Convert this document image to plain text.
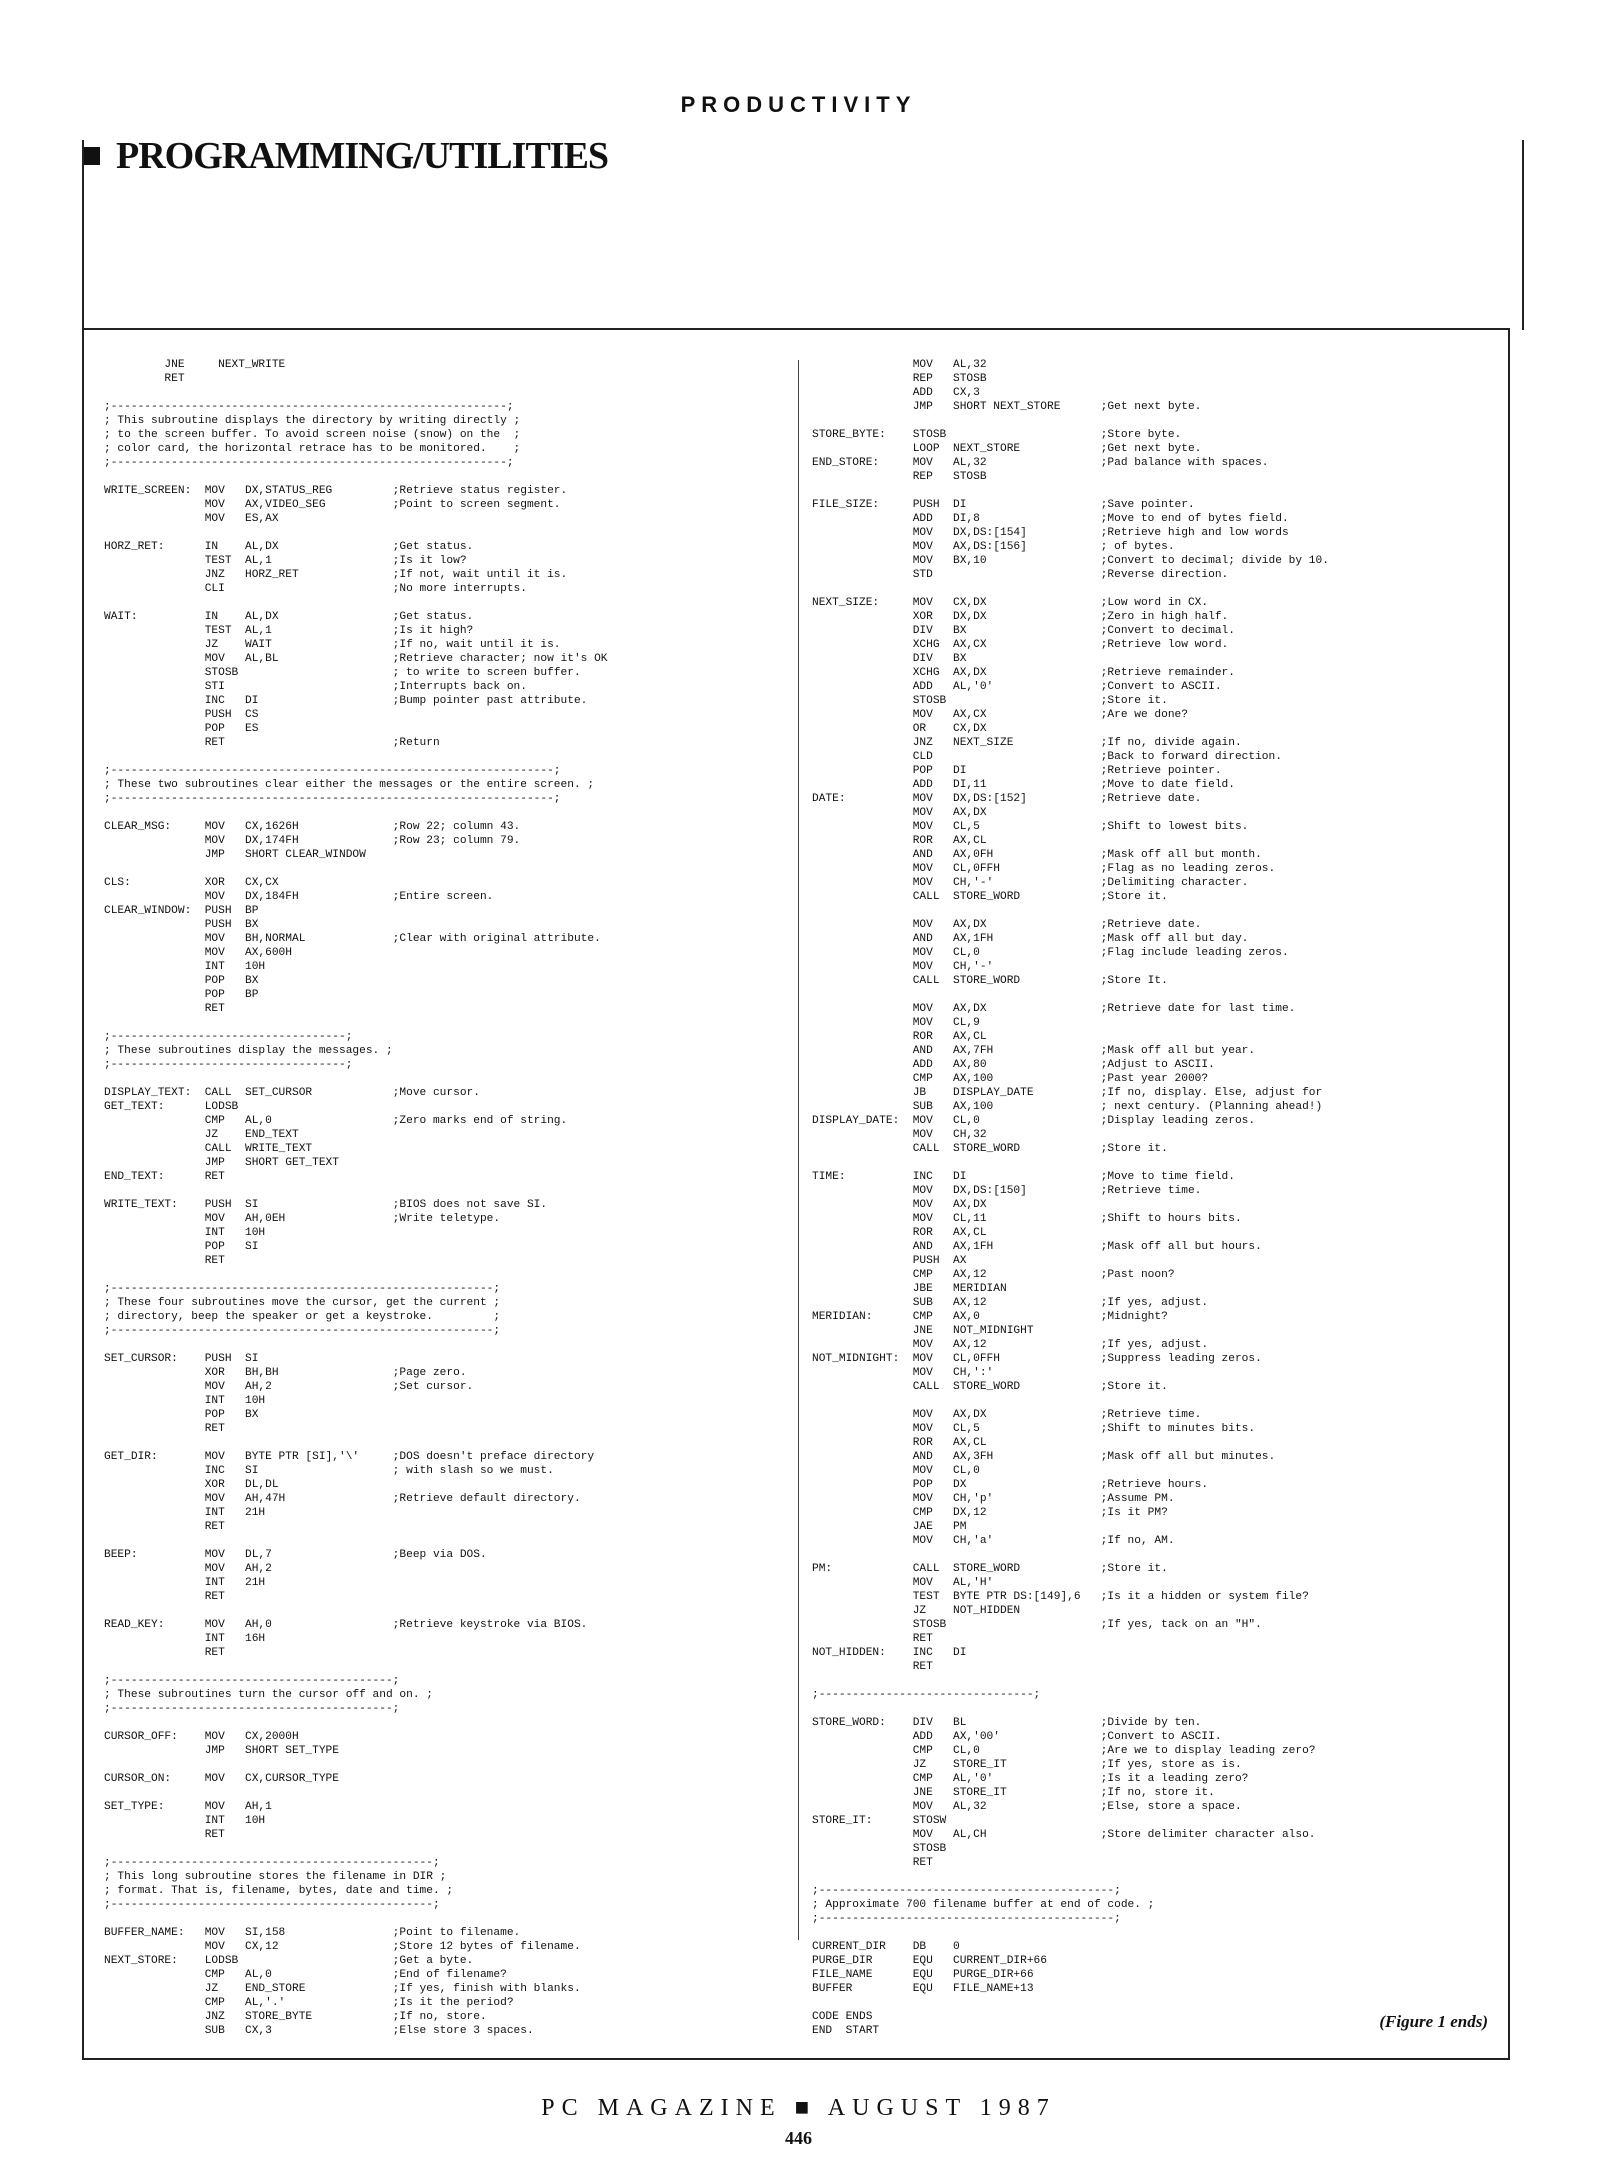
PRODUCTIVITY
PROGRAMMING/UTILITIES
JNE     NEXT_WRITE
RET

;-----------------------------------------------------------;
; This subroutine displays the directory by writing directly ;
; to the screen buffer. To avoid screen noise (snow) on the  ;
; color card, the horizontal retrace has to be monitored.    ;
;-----------------------------------------------------------;

WRITE_SCREEN:  MOV   DX,STATUS_REG         ;Retrieve status register.
MOV   AX,VIDEO_SEG          ;Point to screen segment.
MOV   ES,AX

HORZ_RET:      IN    AL,DX                 ;Get status.
TEST  AL,1                  ;Is it low?
JNZ   HORZ_RET              ;If not, wait until it is.
CLI                         ;No more interrupts.

WAIT:          IN    AL,DX                 ;Get status.
TEST  AL,1                  ;Is it high?
JZ    WAIT                  ;If no, wait until it is.
MOV   AL,BL                 ;Retrieve character; now it's OK
STOSB                       ; to write to screen buffer.
STI                         ;Interrupts back on.
INC   DI                    ;Bump pointer past attribute.
PUSH  CS
POP   ES
RET                         ;Return

;------------------------------------------------------------------;
; These two subroutines clear either the messages or the entire screen. ;
;------------------------------------------------------------------;

CLEAR_MSG:     MOV   CX,1626H              ;Row 22; column 43.
MOV   DX,174FH              ;Row 23; column 79.
JMP   SHORT CLEAR_WINDOW

CLS:           XOR   CX,CX
MOV   DX,184FH              ;Entire screen.
CLEAR_WINDOW:  PUSH  BP
PUSH  BX
MOV   BH,NORMAL             ;Clear with original attribute.
MOV   AX,600H
INT   10H
POP   BX
POP   BP
RET

;-----------------------------------;
; These subroutines display the messages. ;
;-----------------------------------;

DISPLAY_TEXT:  CALL  SET_CURSOR            ;Move cursor.
GET_TEXT:      LODSB
CMP   AL,0                  ;Zero marks end of string.
JZ    END_TEXT
CALL  WRITE_TEXT
JMP   SHORT GET_TEXT
END_TEXT:      RET

WRITE_TEXT:    PUSH  SI                    ;BIOS does not save SI.
MOV   AH,0EH                ;Write teletype.
INT   10H
POP   SI
RET

;---------------------------------------------------------;
; These four subroutines move the cursor, get the current ;
; directory, beep the speaker or get a keystroke.         ;
;---------------------------------------------------------;

SET_CURSOR:    PUSH  SI
XOR   BH,BH                 ;Page zero.
MOV   AH,2                  ;Set cursor.
INT   10H
POP   BX
RET

GET_DIR:       MOV   BYTE PTR [SI],'\'     ;DOS doesn't preface directory
INC   SI                    ; with slash so we must.
XOR   DL,DL
MOV   AH,47H                ;Retrieve default directory.
INT   21H
RET

BEEP:          MOV   DL,7                  ;Beep via DOS.
MOV   AH,2
INT   21H
RET

READ_KEY:      MOV   AH,0                  ;Retrieve keystroke via BIOS.
INT   16H
RET

;------------------------------------------;
; These subroutines turn the cursor off and on. ;
;------------------------------------------;

CURSOR_OFF:    MOV   CX,2000H
JMP   SHORT SET_TYPE

CURSOR_ON:     MOV   CX,CURSOR_TYPE

SET_TYPE:      MOV   AH,1
INT   10H
RET

;------------------------------------------------;
; This long subroutine stores the filename in DIR ;
; format. That is, filename, bytes, date and time. ;
;------------------------------------------------;

BUFFER_NAME:   MOV   SI,158                ;Point to filename.
MOV   CX,12                 ;Store 12 bytes of filename.
NEXT_STORE:    LODSB                       ;Get a byte.
CMP   AL,0                  ;End of filename?
JZ    END_STORE             ;If yes, finish with blanks.
CMP   AL,'.'                ;Is it the period?
JNZ   STORE_BYTE            ;If no, store.
SUB   CX,3                  ;Else store 3 spaces.
MOV   AL,32
REP   STOSB
ADD   CX,3
JMP   SHORT NEXT_STORE      ;Get next byte.

STORE_BYTE:    STOSB                       ;Store byte.
LOOP  NEXT_STORE            ;Get next byte.
END_STORE:     MOV   AL,32                 ;Pad balance with spaces.
REP   STOSB

FILE_SIZE:     PUSH  DI                    ;Save pointer.
ADD   DI,8                  ;Move to end of bytes field.
MOV   DX,DS:[154]           ;Retrieve high and low words
MOV   AX,DS:[156]           ; of bytes.
MOV   BX,10                 ;Convert to decimal; divide by 10.
STD                         ;Reverse direction.

NEXT_SIZE:     MOV   CX,DX                 ;Low word in CX.
XOR   DX,DX                 ;Zero in high half.
DIV   BX                    ;Convert to decimal.
XCHG  AX,CX                 ;Retrieve low word.
DIV   BX
XCHG  AX,DX                 ;Retrieve remainder.
ADD   AL,'0'                ;Convert to ASCII.
STOSB                       ;Store it.
MOV   AX,CX                 ;Are we done?
OR    CX,DX
JNZ   NEXT_SIZE             ;If no, divide again.
CLD                         ;Back to forward direction.
POP   DI                    ;Retrieve pointer.
ADD   DI,11                 ;Move to date field.
DATE:          MOV   DX,DS:[152]           ;Retrieve date.
MOV   AX,DX
MOV   CL,5                  ;Shift to lowest bits.
ROR   AX,CL
AND   AX,0FH                ;Mask off all but month.
MOV   CL,0FFH               ;Flag as no leading zeros.
MOV   CH,'-'                ;Delimiting character.
CALL  STORE_WORD            ;Store it.

MOV   AX,DX                 ;Retrieve date.
AND   AX,1FH                ;Mask off all but day.
MOV   CL,0                  ;Flag include leading zeros.
MOV   CH,'-'
CALL  STORE_WORD            ;Store It.

MOV   AX,DX                 ;Retrieve date for last time.
MOV   CL,9
ROR   AX,CL
AND   AX,7FH                ;Mask off all but year.
ADD   AX,80                 ;Adjust to ASCII.
CMP   AX,100                ;Past year 2000?
JB    DISPLAY_DATE          ;If no, display. Else, adjust for
SUB   AX,100                ; next century. (Planning ahead!)
DISPLAY_DATE:  MOV   CL,0                  ;Display leading zeros.
MOV   CH,32
CALL  STORE_WORD            ;Store it.

TIME:          INC   DI                    ;Move to time field.
MOV   DX,DS:[150]           ;Retrieve time.
MOV   AX,DX
MOV   CL,11                 ;Shift to hours bits.
ROR   AX,CL
AND   AX,1FH                ;Mask off all but hours.
PUSH  AX
CMP   AX,12                 ;Past noon?
JBE   MERIDIAN
SUB   AX,12                 ;If yes, adjust.
MERIDIAN:      CMP   AX,0                  ;Midnight?
JNE   NOT_MIDNIGHT
MOV   AX,12                 ;If yes, adjust.
NOT_MIDNIGHT:  MOV   CL,0FFH               ;Suppress leading zeros.
MOV   CH,':'
CALL  STORE_WORD            ;Store it.

MOV   AX,DX                 ;Retrieve time.
MOV   CL,5                  ;Shift to minutes bits.
ROR   AX,CL
AND   AX,3FH                ;Mask off all but minutes.
MOV   CL,0
POP   DX                    ;Retrieve hours.
MOV   CH,'p'                ;Assume PM.
CMP   DX,12                 ;Is it PM?
JAE   PM
MOV   CH,'a'                ;If no, AM.

PM:            CALL  STORE_WORD            ;Store it.
MOV   AL,'H'
TEST  BYTE PTR DS:[149],6   ;Is it a hidden or system file?
JZ    NOT_HIDDEN
STOSB                       ;If yes, tack on an "H".
RET
NOT_HIDDEN:    INC   DI
RET

;--------------------------------;

STORE_WORD:    DIV   BL                    ;Divide by ten.
ADD   AX,'00'               ;Convert to ASCII.
CMP   CL,0                  ;Are we to display leading zero?
JZ    STORE_IT              ;If yes, store as is.
CMP   AL,'0'                ;Is it a leading zero?
JNE   STORE_IT              ;If no, store it.
MOV   AL,32                 ;Else, store a space.
STORE_IT:      STOSW
MOV   AL,CH                 ;Store delimiter character also.
STOSB
RET

;--------------------------------------------;
; Approximate 700 filename buffer at end of code. ;
;--------------------------------------------;

CURRENT_DIR    DB    0
PURGE_DIR      EQU   CURRENT_DIR+66
FILE_NAME      EQU   PURGE_DIR+66
BUFFER         EQU   FILE_NAME+13

CODE ENDS
END  START	(Figure 1 ends)
PC MAGAZINE ■ AUGUST 1987
446
